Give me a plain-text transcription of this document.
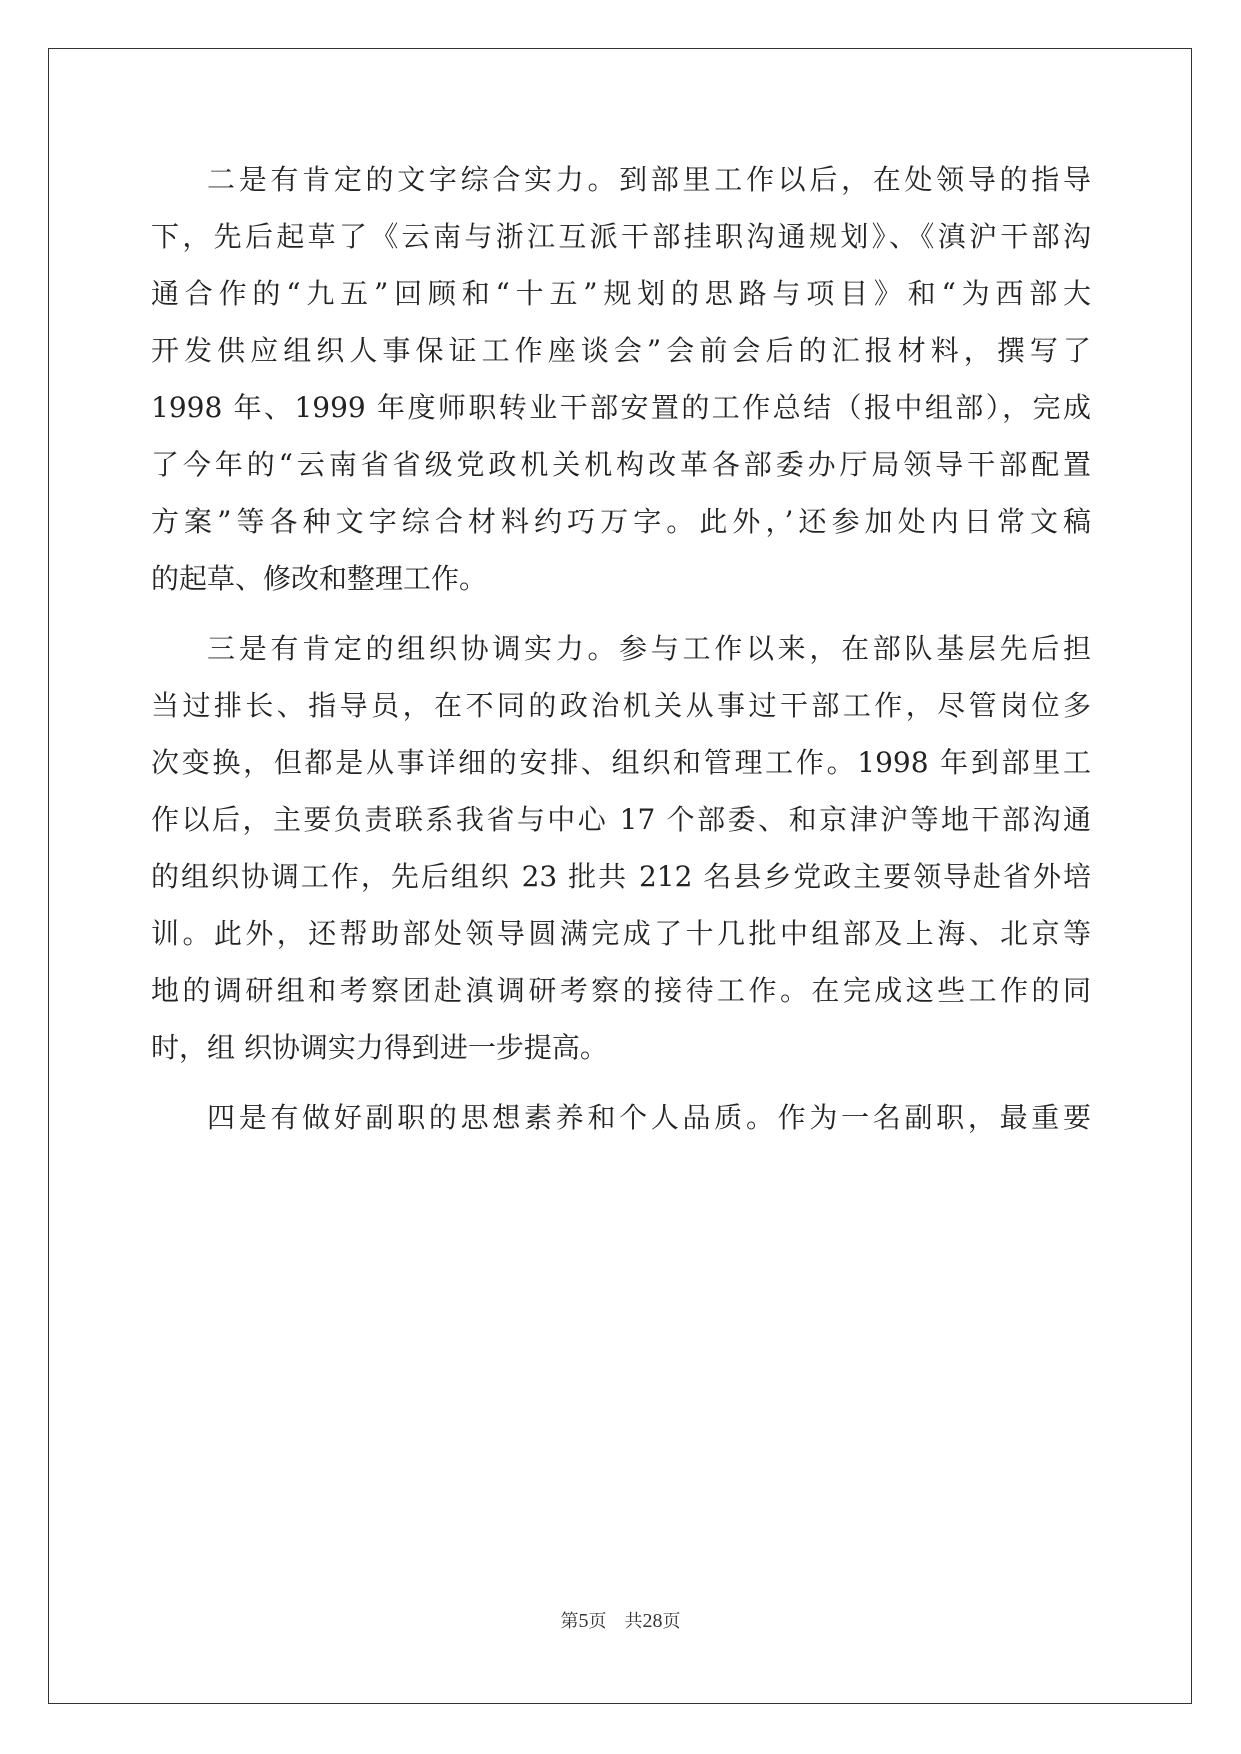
二是有肯定的文字综合实力。到部里工作以后，在处领导的指导
下，先后起草了《云南与浙江互派干部挂职沟通规划》、《滇沪干部沟
通合作的“九五”回顾和“十五”规划的思路与项目》和“为西部大
开发供应组织人事保证工作座谈会”会前会后的汇报材料，撰写了
1998 年、1999 年度师职转业干部安置的工作总结（报中组部），完成
了今年的“云南省省级党政机关机构改革各部委办厅局领导干部配置
方案”等各种文字综合材料约巧万字。此外，’还参加处内日常文稿
的起草、修改和整理工作。
三是有肯定的组织协调实力。参与工作以来，在部队基层先后担
当过排长、指导员，在不同的政治机关从事过干部工作，尽管岗位多
次变换，但都是从事详细的安排、组织和管理工作。1998 年到部里工
作以后，主要负责联系我省与中心 17 个部委、和京津沪等地干部沟通
的组织协调工作，先后组织 23 批共 212 名县乡党政主要领导赴省外培
训。此外，还帮助部处领导圆满完成了十几批中组部及上海、北京等
地的调研组和考察团赴滇调研考察的接待工作。在完成这些工作的同
时，组 织协调实力得到进一步提高。
四是有做好副职的思想素养和个人品质。作为一名副职，最重要
第5页 共28页
